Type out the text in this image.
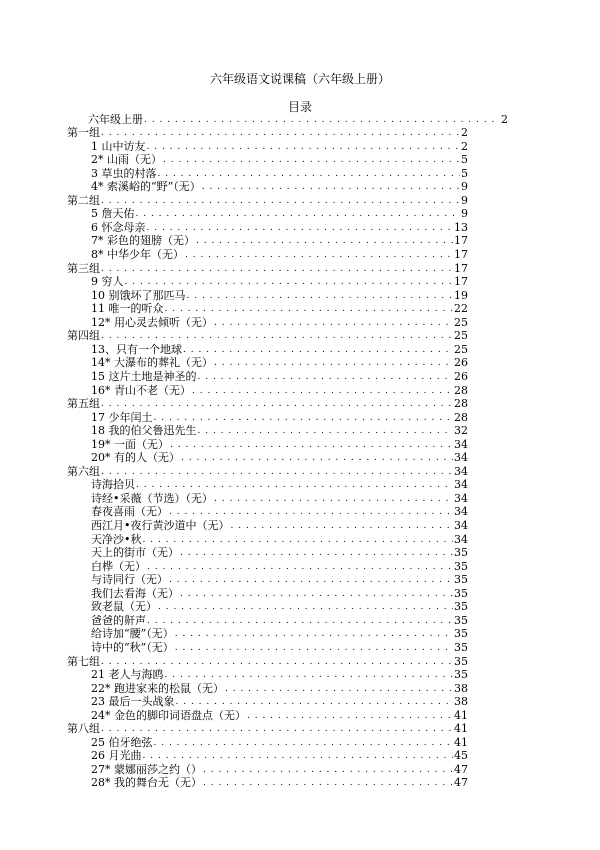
六年级语文说课稿（六年级上册）
目录
六年级上册 . . .	2
第一组 . . .	2
1 山中访友 . . .	2
2* 山雨（无） . . .	5
3 草虫的村落 . . .	5
4* 索溪峪的“野”（无） . . .	9
第二组 . . .	9
5 詹天佑 . . .	9
6 怀念母亲 . . .	13
7* 彩色的翅膀（无） . . .	17
8* 中华少年（无） . . .	17
第三组 . . .	17
9 穷人 . . .	17
10 别饿坏了那匹马 . . .	19
11 唯一的听众 . . .	22
12* 用心灵去倾听（无） . . .	25
第四组 . . .	25
13、只有一个地球 . . .	25
14* 大瀑布的葬礼（无） . . .	26
15 这片土地是神圣的 . . .	26
16* 青山不老（无） . . .	28
第五组 . . .	28
17 少年闰土 . . .	28
18 我的伯父鲁迅先生 . . .	32
19* 一面（无） . . .	34
20* 有的人（无） . . .	34
第六组 . . .	34
诗海拾贝 . . .	34
诗经•采薇（节选）（无） . . .	34
春夜喜雨（无） . . .	34
西江月•夜行黄沙道中（无） . . .	34
天净沙•秋 . . .	34
天上的街市（无） . . .	35
白桦（无） . . .	35
与诗同行（无） . . .	35
我们去看海（无） . . .	35
致老鼠（无） . . .	35
爸爸的鼾声 . . .	35
给诗加“腰”（无） . . .	35
诗中的“秋”（无） . . .	35
第七组 . . .	35
21 老人与海鸥 . . .	35
22* 跑进家来的松鼠（无） . . .	38
23 最后一头战象 . . .	38
24* 金色的脚印词语盘点（无） . . .	41
第八组 . . .	41
25 伯牙绝弦 . . .	41
26 月光曲 . . .	45
27* 蒙娜丽莎之约（） . . .	47
28* 我的舞台无（无） . . .	47
